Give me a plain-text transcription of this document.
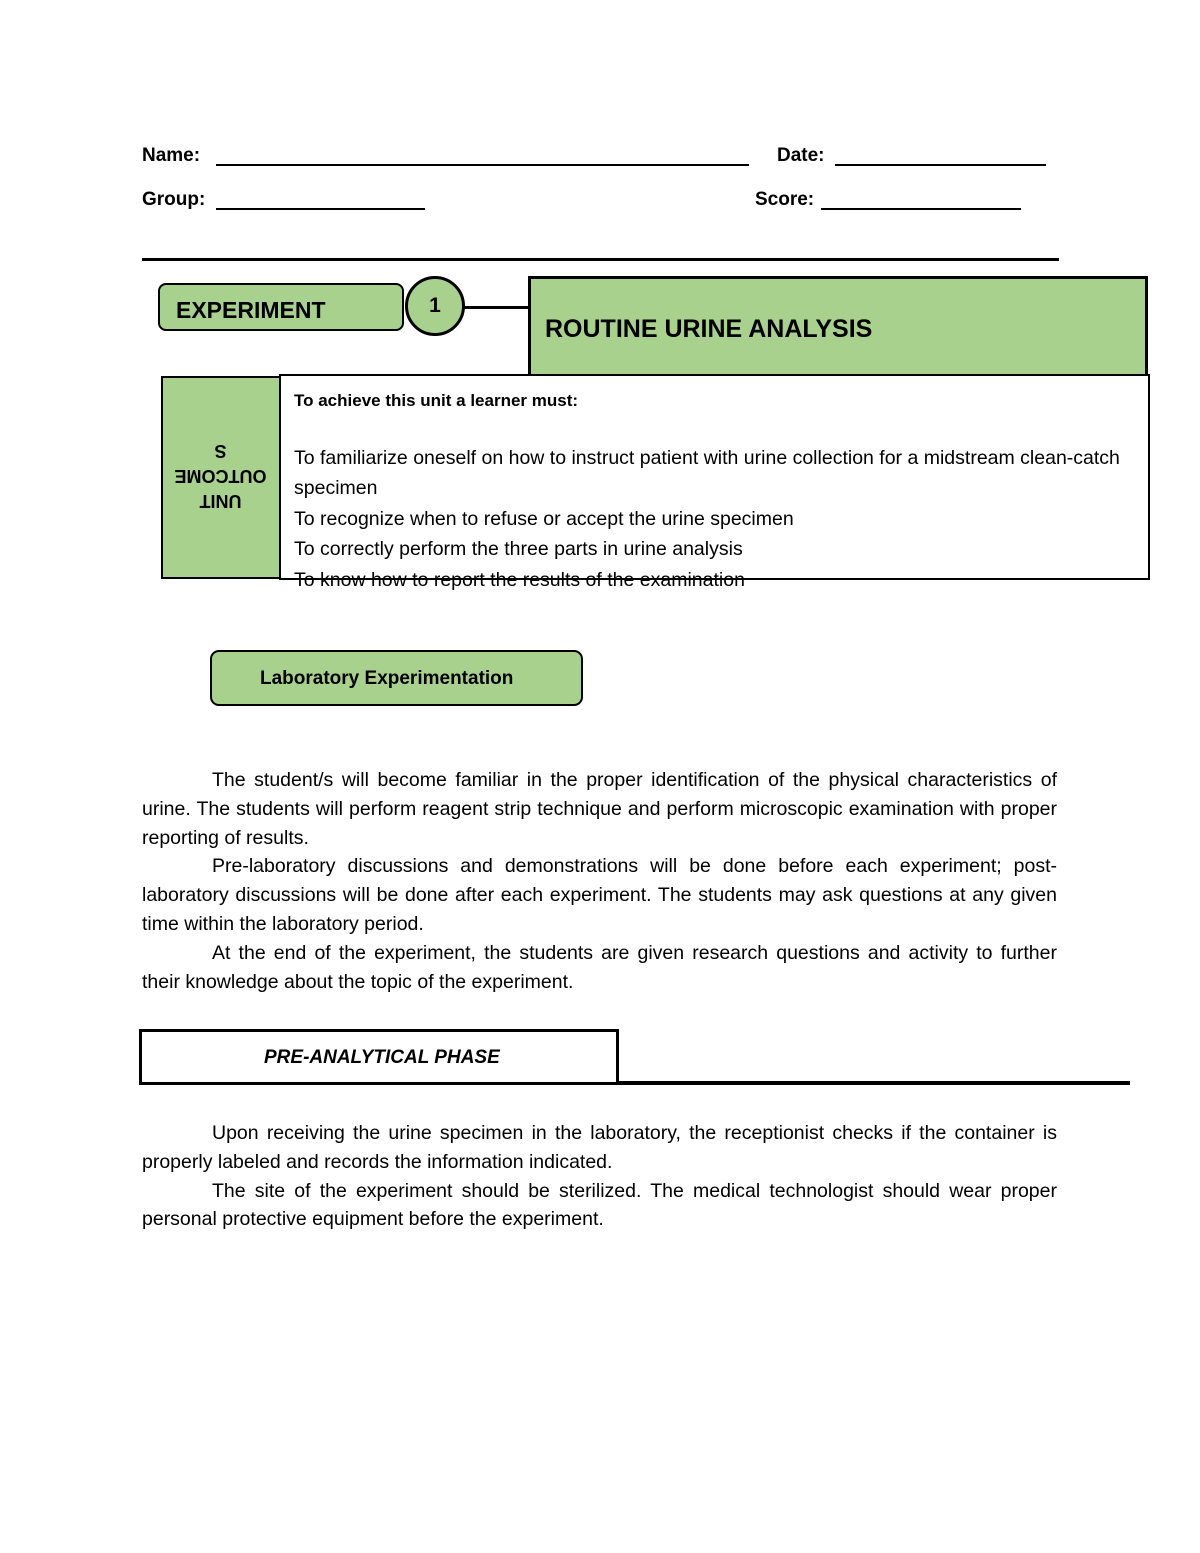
Name:	Date:
Group:	Score:
EXPERIMENT	1
ROUTINE URINE ANALYSIS
UNIT
OUTCOME
S
To achieve this unit a learner must:
To familiarize oneself on how to instruct patient with urine collection for a midstream clean-catch specimen
To recognize when to refuse or accept the urine specimen
To correctly perform the three parts in urine analysis
To know how to report the results of the examination
Laboratory Experimentation

The student/s will become familiar in the proper identification of the physical characteristics of urine. The students will perform reagent strip technique and perform microscopic examination with proper reporting of results.

Pre-laboratory discussions and demonstrations will be done before each experiment; post-laboratory discussions will be done after each experiment. The students may ask questions at any given time within the laboratory period.

At the end of the experiment, the students are given research questions and activity to further their knowledge about the topic of the experiment.

PRE-ANALYTICAL PHASE

Upon receiving the urine specimen in the laboratory, the receptionist checks if the container is properly labeled and records the information indicated.

The site of the experiment should be sterilized. The medical technologist should wear proper personal protective equipment before the experiment.
